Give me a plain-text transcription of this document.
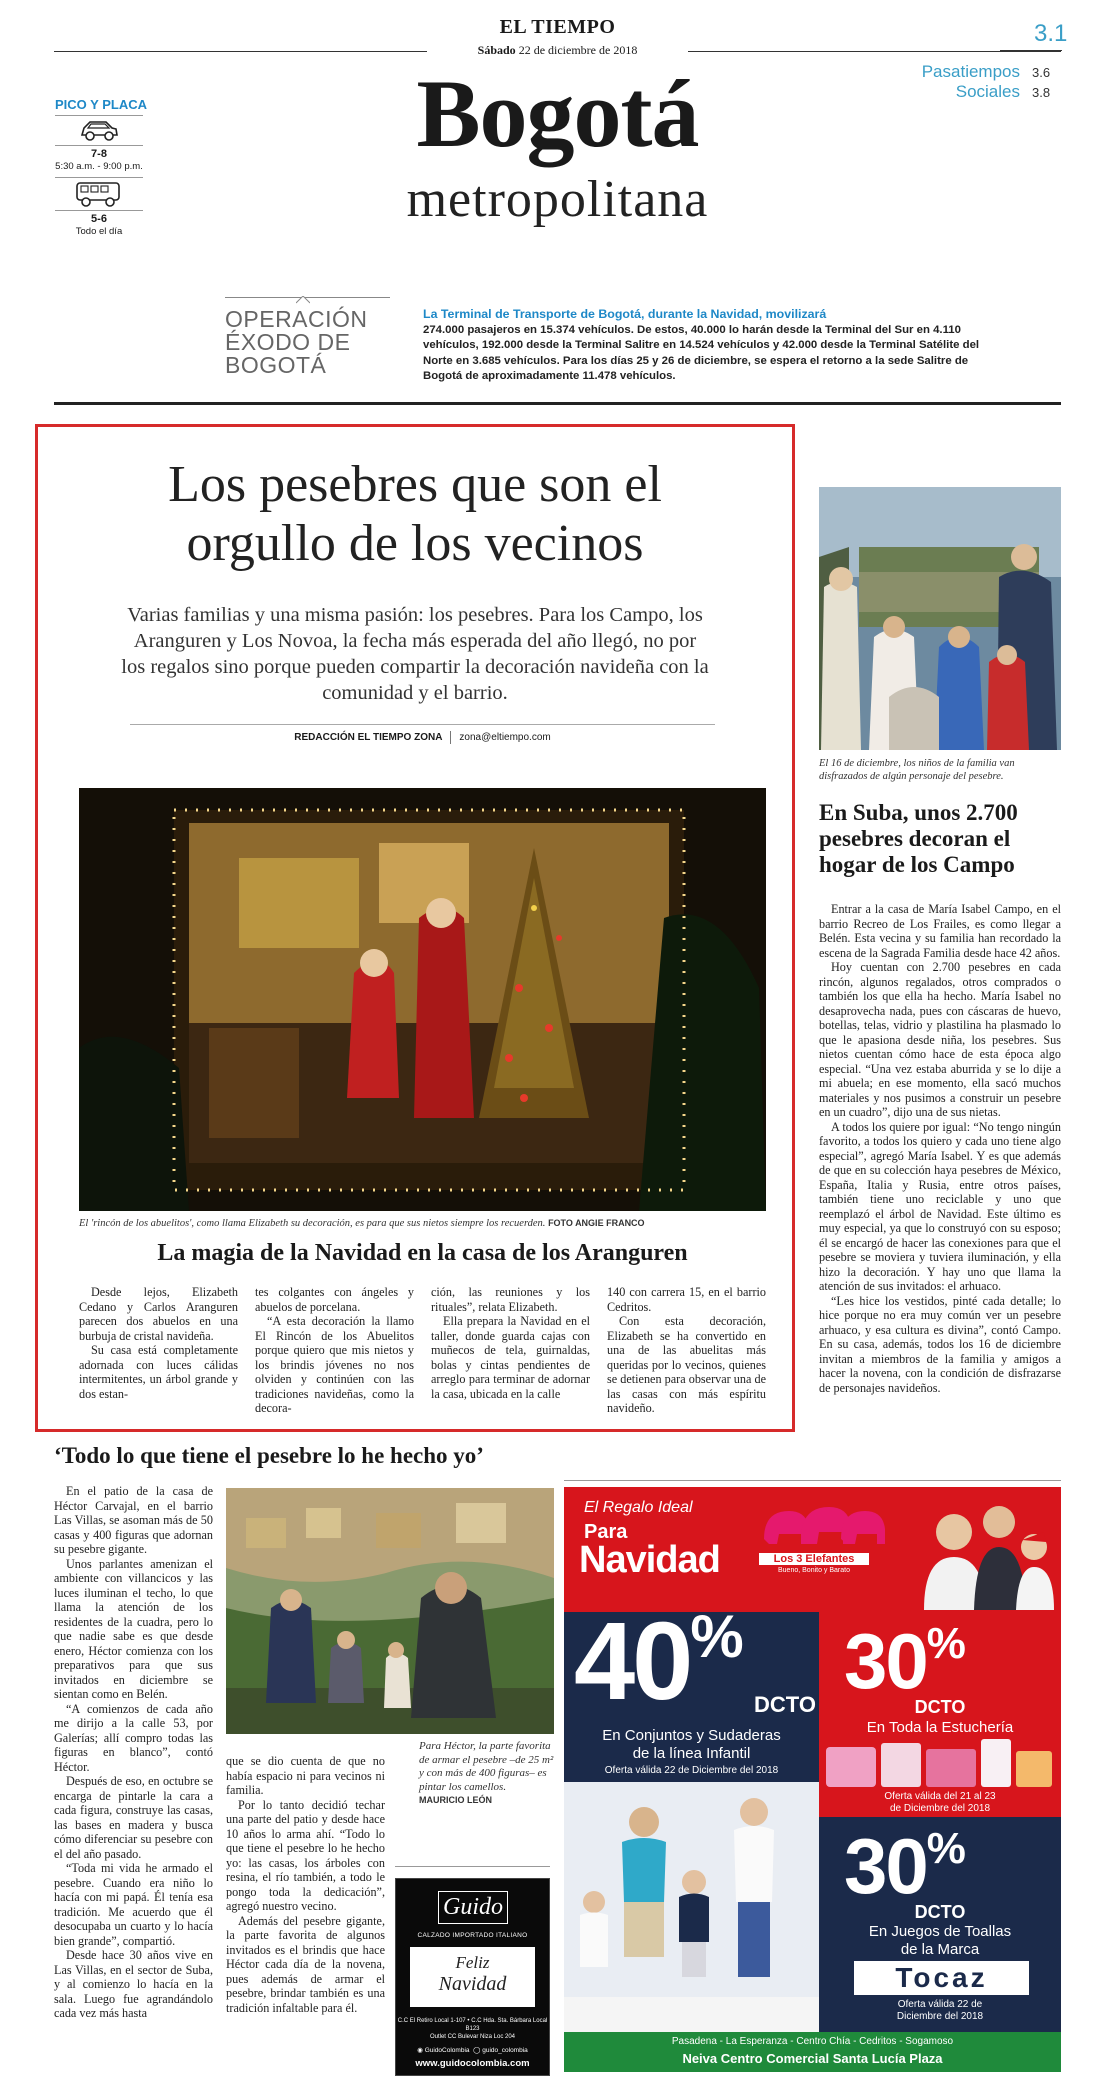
EL TIEMPO
Sábado 22 de diciembre de 2018
3.1
Pasatiempos 3.6
Sociales 3.8
Bogotá
metropolitana
PICO Y PLACA
7-8
5:30 a.m. - 9:00 p.m.
5-6
Todo el día
OPERACIÓN
ÉXODO DE
BOGOTÁ
La Terminal de Transporte de Bogotá, durante la Navidad, movilizará
274.000 pasajeros en 15.374 vehículos. De estos, 40.000 lo harán desde la Terminal del Sur en 4.110 vehículos, 192.000 desde la Terminal Salitre en 14.524 vehículos y 42.000 desde la Terminal Satélite del Norte en 3.685 vehículos. Para los días 25 y 26 de diciembre, se espera el retorno a la sede Salitre de Bogotá de aproximadamente 11.478 vehículos.
Los pesebres que son el
orgullo de los vecinos
Varias familias y una misma pasión: los pesebres. Para los Campo, los Aranguren y Los Novoa, la fecha más esperada del año llegó, no por los regalos sino porque pueden compartir la decoración navideña con la comunidad y el barrio.
REDACCIÓN EL TIEMPO ZONA zona@eltiempo.com
El 'rincón de los abuelitos', como llama Elizabeth su decoración, es para que sus nietos siempre los recuerden. FOTO ANGIE FRANCO
La magia de la Navidad en la casa de los Aranguren

Desde lejos, Elizabeth Cedano y Carlos Aranguren parecen dos abuelos en una burbuja de cristal navideña.

Su casa está completamente adornada con luces cálidas intermitentes, un árbol grande y dos estan-

tes colgantes con ángeles y abuelos de porcelana.

“A esta decoración la llamo El Rincón de los Abuelitos porque quiero que mis nietos y los brindis jóvenes no nos olviden y continúen con las tradiciones navideñas, como la decora-

ción, las reuniones y los rituales”, relata Elizabeth.

Ella prepara la Navidad en el taller, donde guarda cajas con muñecos de tela, guirnaldas, bolas y cintas pendientes de arreglo para terminar de adornar la casa, ubicada en la calle

140 con carrera 15, en el barrio Cedritos.

Con esta decoración, Elizabeth se ha convertido en una de las abuelitas más queridas por lo vecinos, quienes se detienen para observar una de las casas con más espíritu navideño.

El 16 de diciembre, los niños de la familia van disfrazados de algún personaje del pesebre.
En Suba, unos 2.700 pesebres decoran el hogar de los Campo

Entrar a la casa de María Isabel Campo, en el barrio Recreo de Los Frailes, es como llegar a Belén. Esta vecina y su familia han recordado la escena de la Sagrada Familia desde hace 42 años.

Hoy cuentan con 2.700 pesebres en cada rincón, algunos regalados, otros comprados o también los que ella ha hecho. María Isabel no desaprovecha nada, pues con cáscaras de huevo, botellas, telas, vidrio y plastilina ha plasmado lo que le apasiona desde niña, los pesebres. Sus nietos cuentan cómo hace de esta época algo especial. “Una vez estaba aburrida y se lo dije a mi abuela; en ese momento, ella sacó muchos materiales y nos pusimos a construir un pesebre en un cuadro”, dijo una de sus nietas.

A todos los quiere por igual: “No tengo ningún favorito, a todos los quiero y cada uno tiene algo especial”, agregó María Isabel. Y es que además de que en su colección haya pesebres de México, España, Italia y Rusia, entre otros países, también tiene uno reciclable y uno que reemplazó el árbol de Navidad. Este último es muy especial, ya que lo construyó con su esposo; él se encargó de hacer las conexiones para que el pesebre se moviera y tuviera iluminación, y ella hizo la decoración. Y hay uno que llama la atención de sus invitados: el arhuaco.

“Les hice los vestidos, pinté cada detalle; lo hice porque no era muy común ver un pesebre arhuaco, y esa cultura es divina”, contó Campo. En su casa, además, todos los 16 de diciembre invitan a miembros de la familia y amigos a hacer la novena, con la condición de disfrazarse de personajes navideños.

‘Todo lo que tiene el pesebre lo he hecho yo’

En el patio de la casa de Héctor Carvajal, en el barrio Las Villas, se asoman más de 50 casas y 400 figuras que adornan su pesebre gigante.

Unos parlantes amenizan el ambiente con villancicos y las luces iluminan el techo, lo que llama la atención de los residentes de la cuadra, pero lo que nadie sabe es que desde enero, Héctor comienza con los preparativos para que sus invitados en diciembre se sientan como en Belén.

“A comienzos de cada año me dirijo a la calle 53, por Galerías; allí compro todas las figuras en blanco”, contó Héctor.

Después de eso, en octubre se encarga de pintarle la cara a cada figura, construye las casas, las bases en madera y busca cómo diferenciar su pesebre con el del año pasado.

“Toda mi vida he armado el pesebre. Cuando era niño lo hacía con mi papá. Él tenía esa tradición. Me acuerdo que él desocupaba un cuarto y lo hacía bien grande”, compartió.

Desde hace 30 años vive en Las Villas, en el sector de Suba, y al comienzo lo hacía en la sala. Luego fue agrandándolo cada vez más hasta

Para Héctor, la parte favorita de armar el pesebre –de 25 m² y con más de 400 figuras– es pintar los camellos. MAURICIO LEÓN

que se dio cuenta de que no había espacio ni para vecinos ni familia.

Por lo tanto decidió techar una parte del patio y desde hace 10 años lo arma ahí. “Todo lo que tiene el pesebre lo he hecho yo: las casas, los árboles con resina, el río también, a todo le pongo toda la dedicación”, agregó nuestro vecino.

Además del pesebre gigante, la parte favorita de algunos invitados es el brindis que hace Héctor cada día de la novena, pues además de armar el pesebre, brindar también es una tradición infaltable para él.

Guido
CALZADO IMPORTADO ITALIANO
Feliz
Navidad
C.C El Retiro Local 1-107 • C.C Hda. Sta. Bárbara Local B123
Outlet CC Bulevar Niza Loc 204
◉ GuidoColombia ◯ guido_colombia
www.guidocolombia.com
El Regalo Ideal
Para
Navidad	Los 3 Elefantes
Bueno, Bonito y Barato
40%
DCTO
En Conjuntos y Sudaderas
de la línea Infantil
Oferta válida 22 de Diciembre del 2018
30%
DCTO
En Toda la Estuchería
Oferta válida del 21 al 23
de Diciembre del 2018
30%
DCTO
En Juegos de Toallas
de la Marca
Tocaz
Oferta válida 22 de
Diciembre del 2018
Pasadena - La Esperanza - Centro Chía - Cedritos - Sogamoso
Neiva Centro Comercial Santa Lucía Plaza
